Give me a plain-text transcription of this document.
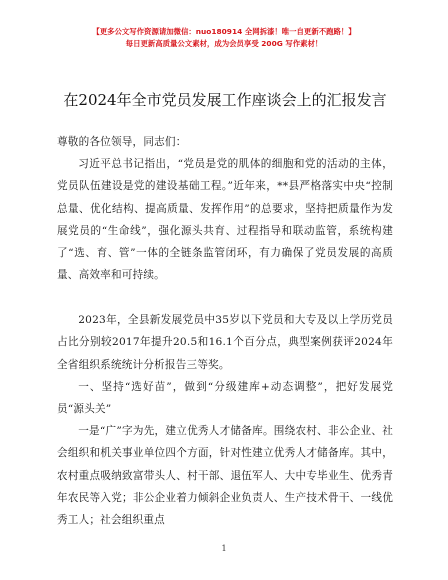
【更多公文写作资源请加微信：nuo180914 全网拆漆！唯一自更新不跑路！】
每日更新高质量公文素材，成为会员享受 200G 写作素材！
在2024年全市党员发展工作座谈会上的汇报发言
尊敬的各位领导，同志们：
习近平总书记指出，“党员是党的肌体的细胞和党的活动的主体，党员队伍建设是党的建设基础工程。”近年来，**县严格落实中央“控制总量、优化结构、提高质量、发挥作用”的总要求，坚持把质量作为发展党员的“生命线”，强化源头共育、过程指导和联动监管，系统构建了“选、育、管”一体的全链条监管闭环，有力确保了党员发展的高质量、高效率和可持续。
2023年，全县新发展党员中35岁以下党员和大专及以上学历党员占比分别较2017年提升20.5和16.1个百分点，典型案例获评2024年全省组织系统统计分析报告三等奖。
一、坚持“选好苗”，做到“分级建库+动态调整”，把好发展党员“源头关”
一是“广”字为先，建立优秀人才储备库。围绕农村、非公企业、社会组织和机关事业单位四个方面，针对性建立优秀人才储备库。其中，农村重点吸纳致富带头人、村干部、退伍军人、大中专毕业生、优秀青年农民等入党；非公企业着力倾斜企业负责人、生产技术骨干、一线优秀工人；社会组织重点
1
